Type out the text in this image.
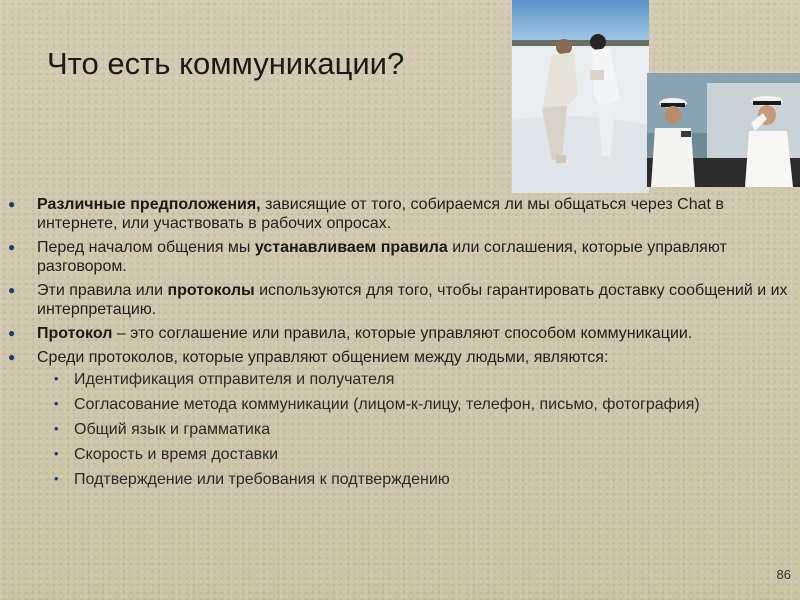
Что есть коммуникации?
● Различные предположения, зависящие от того, собираемся ли мы общаться через Chat в интернете, или участвовать в рабочих опросах.
● Перед началом общения мы устанавливаем правила или соглашения, которые управляют разговором.
● Эти правила или протоколы используются для того, чтобы гарантировать доставку сообщений и их интерпретацию.
● Протокол – это соглашение или правила, которые управляют способом коммуникации.
● Среди протоколов, которые управляют общением между людьми, являются:
• Идентификация отправителя и получателя
• Согласование метода коммуникации (лицом-к-лицу, телефон, письмо, фотография)
• Общий язык и грамматика
• Скорость и время доставки
• Подтверждение или требования к подтверждению
86
